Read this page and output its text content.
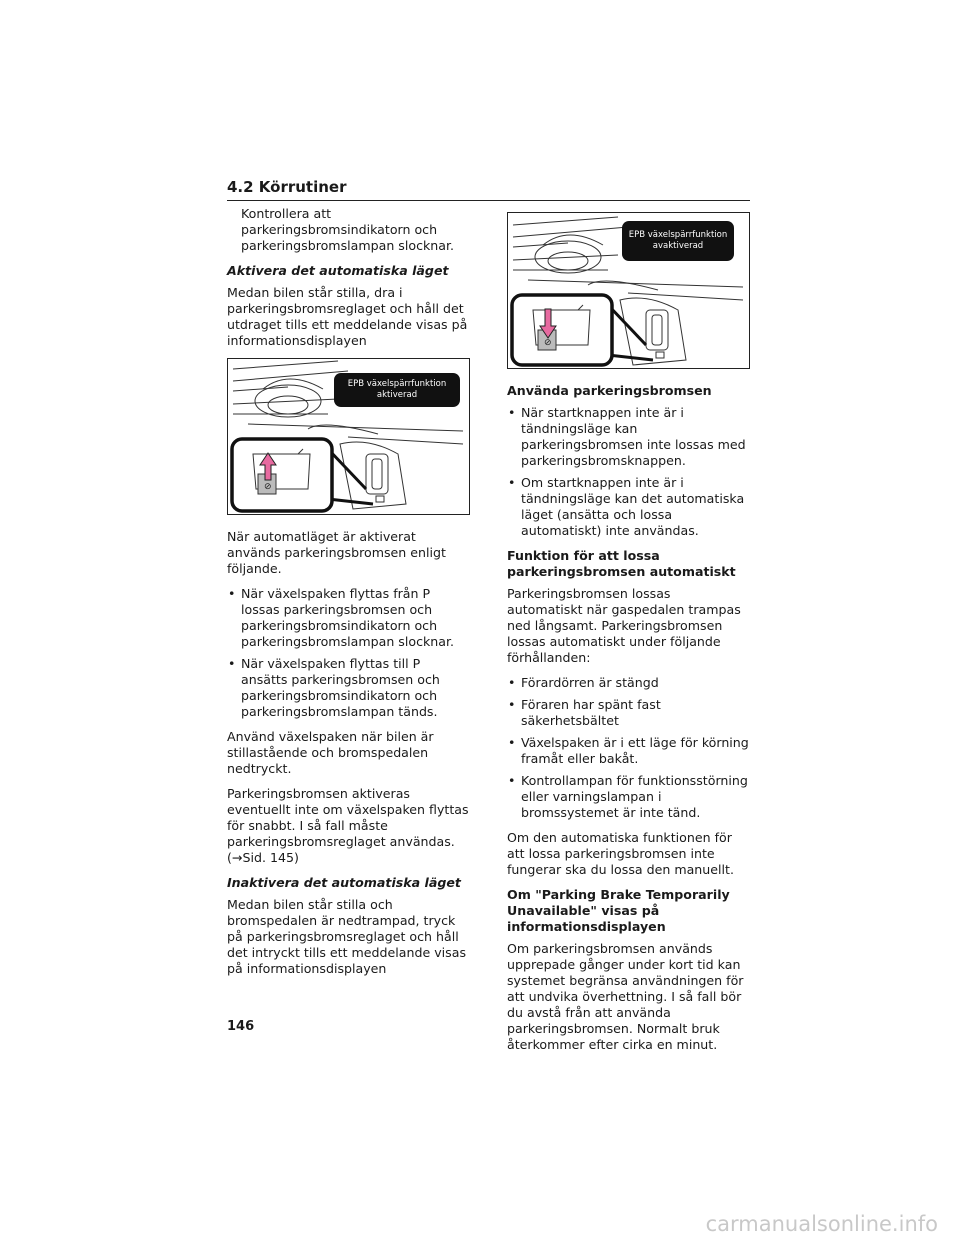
4.2 Körrutiner

Kontrollera att parkeringsbromsindikatorn och parkeringsbromslampan slocknar.

Aktivera det automatiska läget

Medan bilen står stilla, dra i parkeringsbromsreglaget och håll det utdraget tills ett meddelande visas på informationsdisplayen

⊘
EPB växelspärrfunktion aktiverad

När automatläget är aktiverat används parkeringsbromsen enligt följande.

• När växelspaken flyttas från P lossas parkeringsbromsen och parkeringsbromsindikatorn och parkeringsbromslampan slocknar.
• När växelspaken flyttas till P ansätts parkeringsbromsen och parkeringsbromsindikatorn och parkeringsbromslampan tänds.

Använd växelspaken när bilen är stillastående och bromspedalen nedtryckt.

Parkeringsbromsen aktiveras eventuellt inte om växelspaken flyttas för snabbt. I så fall måste parkeringsbromsreglaget användas. (→Sid. 145)

Inaktivera det automatiska läget

Medan bilen står stilla och bromspedalen är nedtrampad, tryck på parkeringsbromsreglaget och håll det intryckt tills ett meddelande visas på informationsdisplayen

⊘
EPB växelspärrfunktion avaktiverad
Använda parkeringsbromsen
• När startknappen inte är i tändningsläge kan parkeringsbromsen inte lossas med parkeringsbromsknappen.
• Om startknappen inte är i tändningsläge kan det automatiska läget (ansätta och lossa automatiskt) inte användas.
Funktion för att lossa parkeringsbromsen automatiskt

Parkeringsbromsen lossas automatiskt när gaspedalen trampas ned långsamt. Parkeringsbromsen lossas automatiskt under följande förhållanden:

• Förardörren är stängd
• Föraren har spänt fast säkerhetsbältet
• Växelspaken är i ett läge för körning framåt eller bakåt.
• Kontrollampan för funktionsstörning eller varningslampan i bromssystemet är inte tänd.

Om den automatiska funktionen för att lossa parkeringsbromsen inte fungerar ska du lossa den manuellt.

Om "Parking Brake Temporarily Unavailable" visas på informationsdisplayen

Om parkeringsbromsen används upprepade gånger under kort tid kan systemet begränsa användningen för att undvika överhettning. I så fall bör du avstå från att använda parkeringsbromsen. Normalt bruk återkommer efter cirka en minut.

146
carmanualsonline.info
